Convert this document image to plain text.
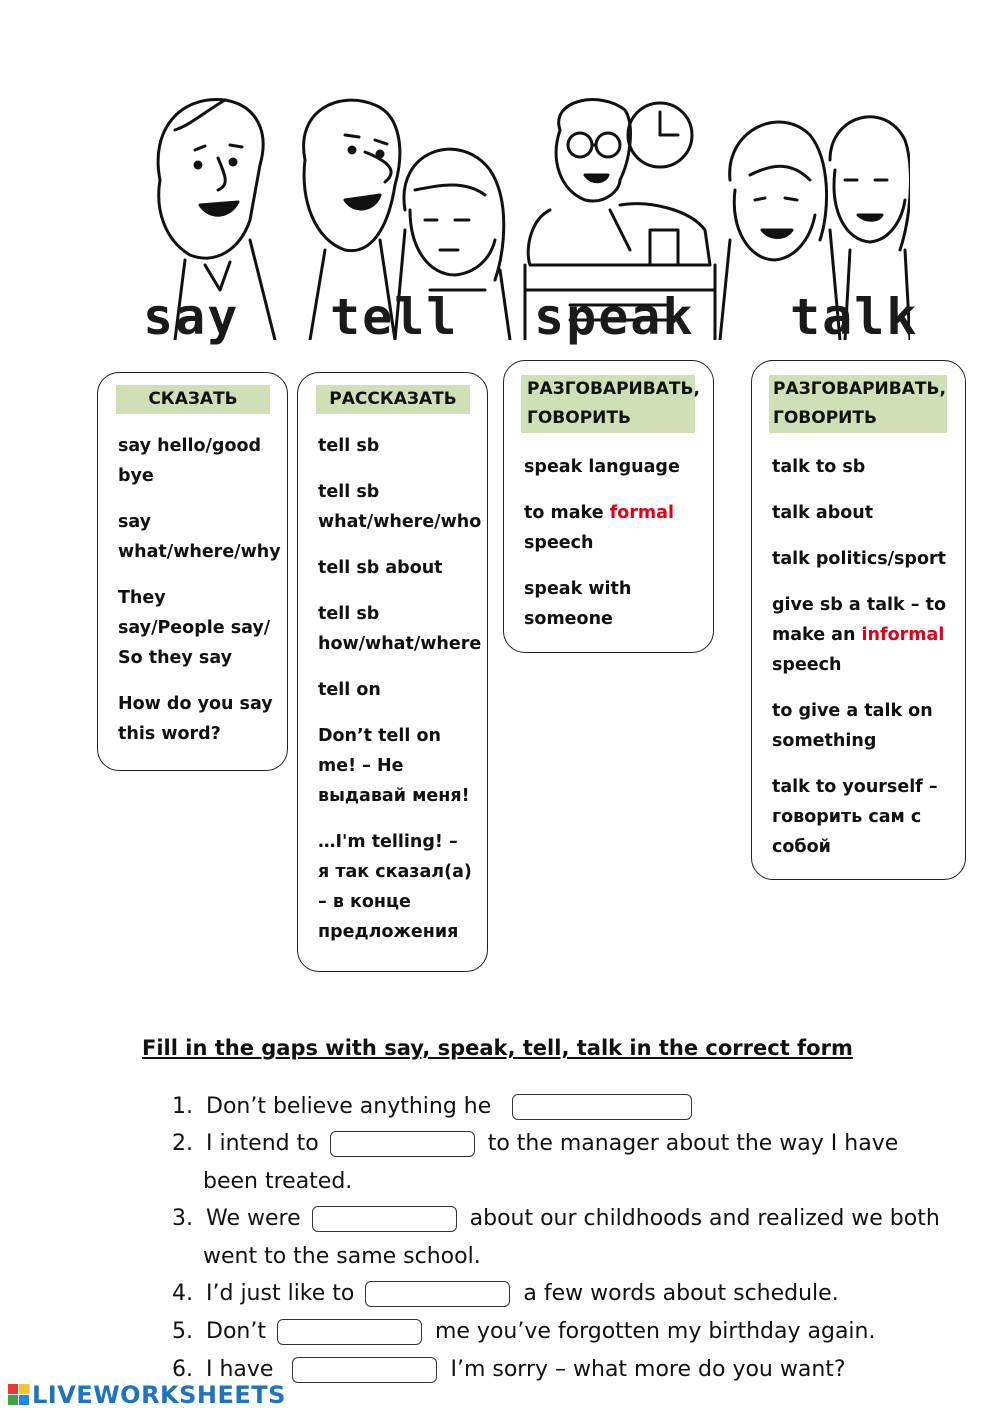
say tell speak talk
СКАЗАТЬ
say hello/good bye
say what/where/why
They say/People say/ So they say
How do you say this word?
РАССКАЗАТЬ
tell sb
tell sb what/where/who
tell sb about
tell sb how/what/where
tell on
Don’t tell on me! – Не выдавай меня!
…I'm telling! – я так сказал(а) – в конце предложения
РАЗГОВАРИВАТЬ, ГОВОРИТЬ
speak language
to make formal speech
speak with someone
РАЗГОВАРИВАТЬ, ГОВОРИТЬ
talk to sb
talk about
talk politics/sport
give sb a talk – to make an informal speech
to give a talk on something
talk to yourself – говорить сам с собой
Fill in the gaps with say, speak, tell, talk in the correct form
1. Don’t believe anything he
2. I intend to	to the manager about the way I have
been treated.
3. We were	about our childhoods and realized we both
went to the same school.
4. I’d just like to	a few words about schedule.
5. Don’t	me you’ve forgotten my birthday again.
6. I have	I’m sorry – what more do you want?
LIVEWORKSHEETS
